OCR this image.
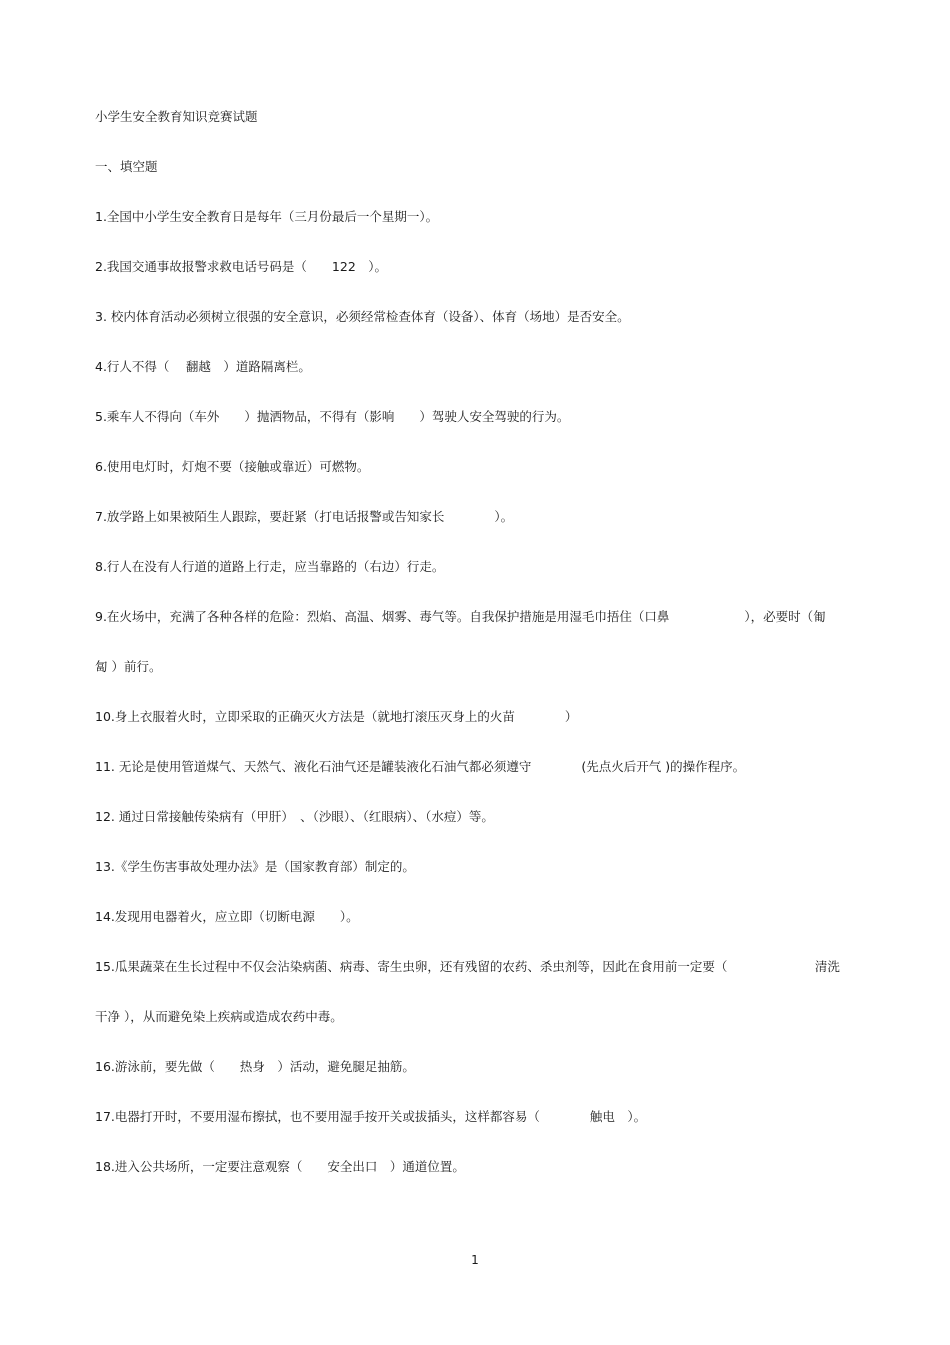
小学生安全教育知识竞赛试题

一、填空题

1.全国中小学生安全教育日是每年（三月份最后一个星期一）。

2.我国交通事故报警求救电话号码是（　　122　）。

3. 校内体育活动必须树立很强的安全意识，必须经常检查体育（设备）、体育（场地）是否安全。

4.行人不得（　 翻越　）道路隔离栏。

5.乘车人不得向（车外　　）抛洒物品，不得有（影响　　）驾驶人安全驾驶的行为。

6.使用电灯时，灯炮不要（接触或靠近）可燃物。

7.放学路上如果被陌生人跟踪，要赶紧（打电话报警或告知家长　　　　）。

8.行人在没有人行道的道路上行走，应当靠路的（右边）行走。

9.在火场中，充满了各种各样的危险：烈焰、高温、烟雾、毒气等。自我保护措施是用湿毛巾捂住（口鼻　　　　　　），必要时（匍

匐 ）前行。

10.身上衣服着火时，立即采取的正确灭火方法是（就地打滚压灭身上的火苗　　　　）

11. 无论是使用管道煤气、天然气、液化石油气还是罐装液化石油气都必须遵守　　　　(先点火后开气 )的操作程序。

12. 通过日常接触传染病有（甲肝）　、（沙眼）、（红眼病）、（水痘）等。

13.《学生伤害事故处理办法》是（国家教育部）制定的。

14.发现用电器着火，应立即（切断电源　　）。

15.瓜果蔬菜在生长过程中不仅会沾染病菌、病毒、寄生虫卵，还有残留的农药、杀虫剂等，因此在食用前一定要（　　　　　　　清洗

干净 ），从而避免染上疾病或造成农药中毒。

16.游泳前，要先做（　　热身　）活动，避免腿足抽筋。

17.电器打开时，不要用湿布擦拭，也不要用湿手按开关或拔插头，这样都容易（　　　　触电　）。

18.进入公共场所，一定要注意观察（　　安全出口　）通道位置。

1
